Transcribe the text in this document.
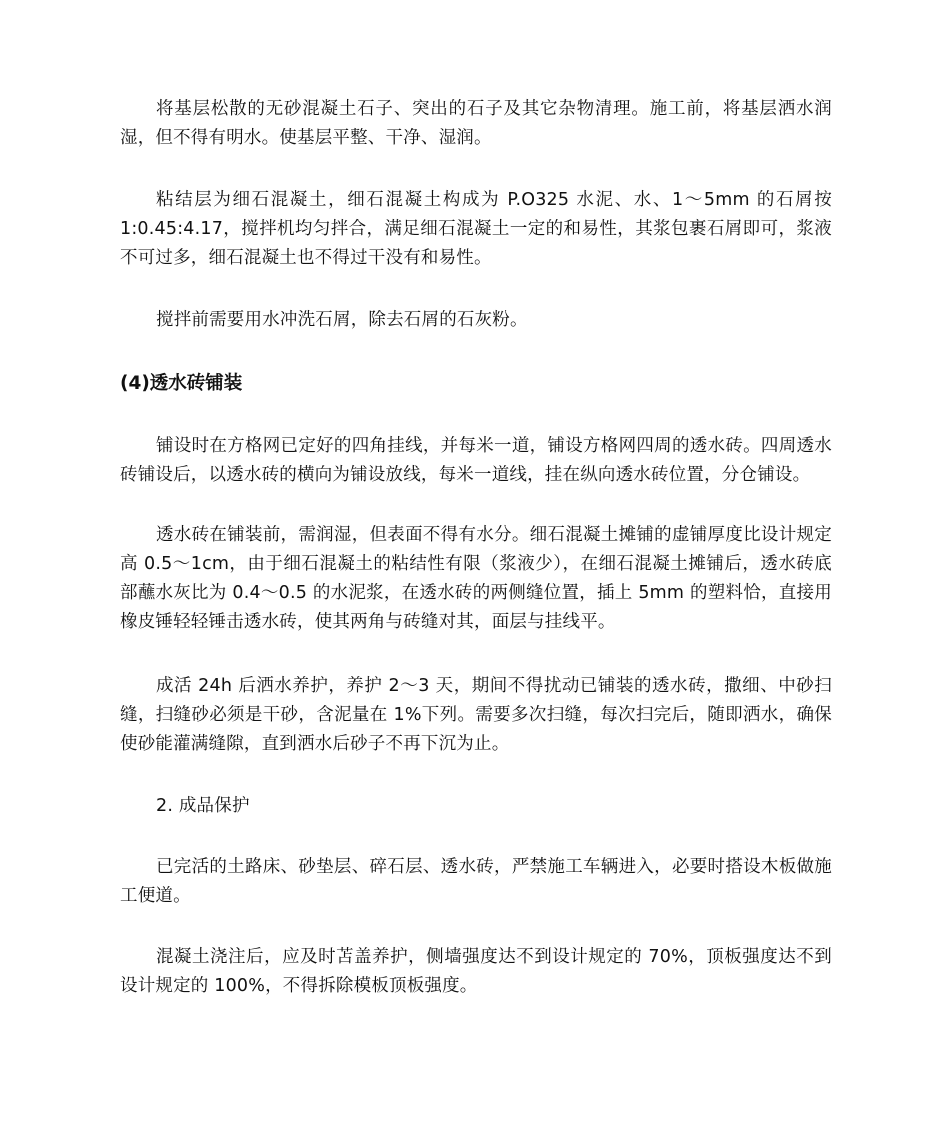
将基层松散的无砂混凝土石子、突出的石子及其它杂物清理。施工前，将基层洒水润湿，但不得有明水。使基层平整、干净、湿润。

粘结层为细石混凝土，细石混凝土构成为 P.O325 水泥、水、1～5mm 的石屑按 1:0.45:4.17，搅拌机均匀拌合，满足细石混凝土一定的和易性，其浆包裹石屑即可，浆液不可过多，细石混凝土也不得过干没有和易性。

搅拌前需要用水冲洗石屑，除去石屑的石灰粉。

(4)透水砖铺装

铺设时在方格网已定好的四角挂线，并每米一道，铺设方格网四周的透水砖。四周透水砖铺设后，以透水砖的横向为铺设放线，每米一道线，挂在纵向透水砖位置，分仓铺设。

透水砖在铺装前，需润湿，但表面不得有水分。细石混凝土摊铺的虚铺厚度比设计规定高 0.5～1cm，由于细石混凝土的粘结性有限（浆液少），在细石混凝土摊铺后，透水砖底部蘸水灰比为 0.4～0.5 的水泥浆，在透水砖的两侧缝位置，插上 5mm 的塑料恰，直接用橡皮锤轻轻锤击透水砖，使其两角与砖缝对其，面层与挂线平。

成活 24h 后洒水养护，养护 2～3 天，期间不得扰动已铺装的透水砖，撒细、中砂扫缝，扫缝砂必须是干砂，含泥量在 1%下列。需要多次扫缝，每次扫完后，随即洒水，确保使砂能灌满缝隙，直到洒水后砂子不再下沉为止。

2. 成品保护

已完活的土路床、砂垫层、碎石层、透水砖，严禁施工车辆进入，必要时搭设木板做施工便道。

混凝土浇注后，应及时苫盖养护，侧墙强度达不到设计规定的 70%，顶板强度达不到设计规定的 100%，不得拆除模板顶板强度。
